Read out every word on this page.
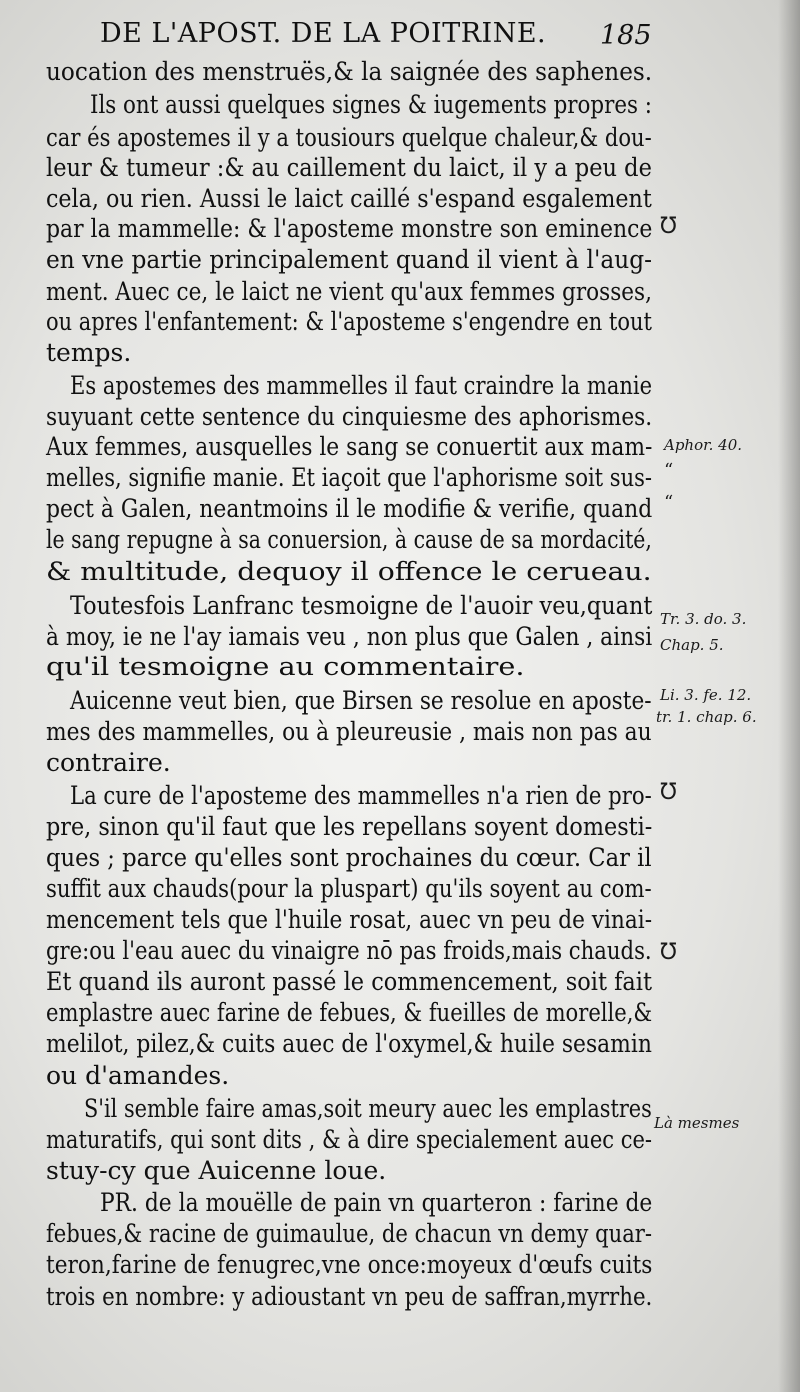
DE L'APOST. DE LA POITRINE.	185
uocation des menstruës,& la saignée des saphenes.
Ils ont aussi quelques signes & iugements propres :
car és apostemes il y a tousiours quelque chaleur,& dou-
leur & tumeur :& au caillement du laict, il y a peu de
cela, ou rien. Aussi le laict caillé s'espand esgalement
par la mammelle: & l'aposteme monstre son eminence
en vne partie principalement quand il vient à l'aug-
ment. Auec ce, le laict ne vient qu'aux femmes grosses,
ou apres l'enfantement: & l'aposteme s'engendre en tout
temps.
Es apostemes des mammelles il faut craindre la manie
suyuant cette sentence du cinquiesme des aphorismes.
Aux femmes, ausquelles le sang se conuertit aux mam-
melles, signifie manie. Et iaçoit que l'aphorisme soit sus-
pect à Galen, neantmoins il le modifie & verifie, quand
le sang repugne à sa conuersion, à cause de sa mordacité,
& multitude, dequoy il offence le cerueau.
Toutesfois Lanfranc tesmoigne de l'auoir veu,quant
à moy, ie ne l'ay iamais veu , non plus que Galen , ainsi
qu'il tesmoigne au commentaire.
Auicenne veut bien, que Birsen se resolue en aposte-
mes des mammelles, ou à pleureusie , mais non pas au
contraire.
La cure de l'aposteme des mammelles n'a rien de pro-
pre, sinon qu'il faut que les repellans soyent domesti-
ques ; parce qu'elles sont prochaines du cœur. Car il
suffit aux chauds(pour la pluspart) qu'ils soyent au com-
mencement tels que l'huile rosat, auec vn peu de vinai-
gre:ou l'eau auec du vinaigre nō pas froids,mais chauds.
Et quand ils auront passé le commencement, soit fait
emplastre auec farine de febues, & fueilles de morelle,&
melilot, pilez,& cuits auec de l'oxymel,& huile sesamin
ou d'amandes.
S'il semble faire amas,soit meury auec les emplastres
maturatifs, qui sont dits , & à dire specialement auec ce-
stuy-cy que Auicenne loue.
PR. de la mouëlle de pain vn quarteron : farine de
febues,& racine de guimaulue, de chacun vn demy quar-
teron,farine de fenugrec,vne once:moyeux d'œufs cuits
trois en nombre: y adioustant vn peu de saffran,myrrhe.
Aphor. 40.
Tr. 3. do. 3.
Chap. 5.
Li. 3. fe. 12.
tr. 1. chap. 6.
Là mesmes
“
“
Ʊ
Ʊ
Ʊ
